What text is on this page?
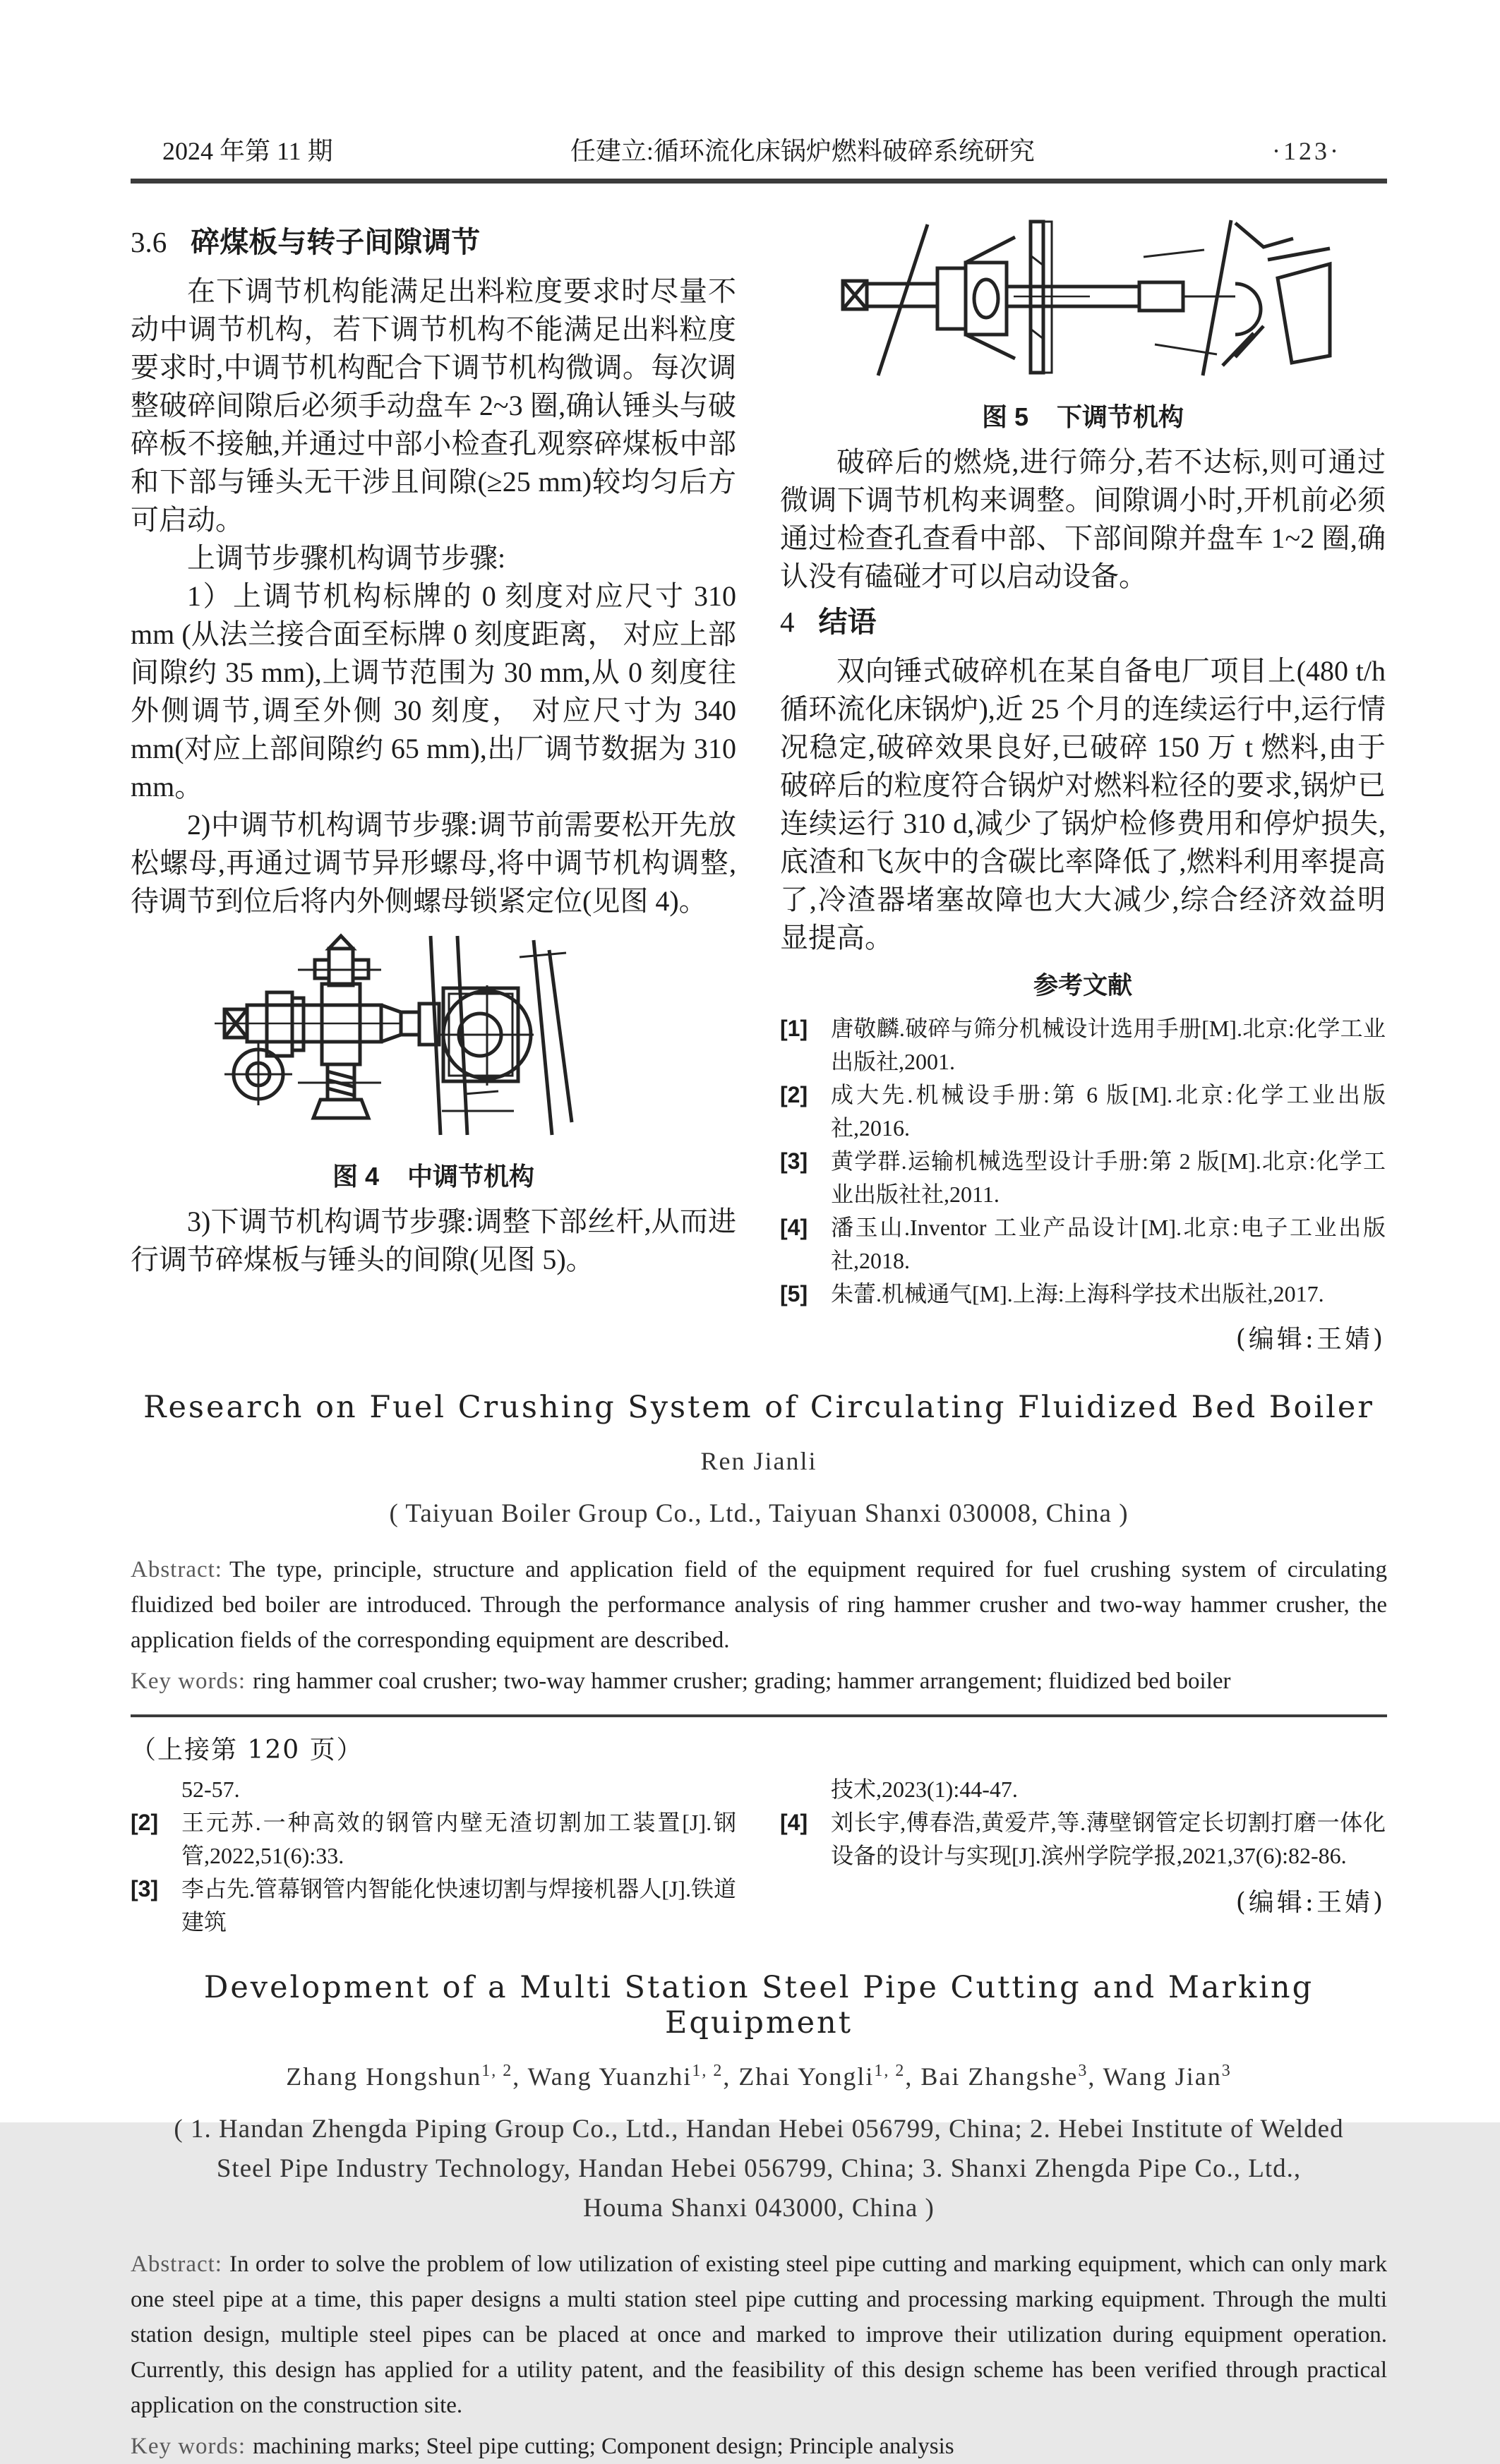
2024 年第 11 期	任建立:循环流化床锅炉燃料破碎系统研究	·123·
3.6 碎煤板与转子间隙调节

在下调节机构能满足出料粒度要求时尽量不动中调节机构，若下调节机构不能满足出料粒度要求时,中调节机构配合下调节机构微调。每次调整破碎间隙后必须手动盘车 2~3 圈,确认锤头与破碎板不接触,并通过中部小检查孔观察碎煤板中部和下部与锤头无干涉且间隙(≥25 mm)较均匀后方可启动。

上调节步骤机构调节步骤:

1）上调节机构标牌的 0 刻度对应尺寸 310 mm (从法兰接合面至标牌 0 刻度距离， 对应上部间隙约 35 mm),上调节范围为 30 mm,从 0 刻度往外侧调节,调至外侧 30 刻度， 对应尺寸为 340 mm(对应上部间隙约 65 mm),出厂调节数据为 310 mm。

2)中调节机构调节步骤:调节前需要松开先放松螺母,再通过调节异形螺母,将中调节机构调整,待调节到位后将内外侧螺母锁紧定位(见图 4)。

图 4 中调节机构

3)下调节机构调节步骤:调整下部丝杆,从而进行调节碎煤板与锤头的间隙(见图 5)。

图 5 下调节机构

破碎后的燃烧,进行筛分,若不达标,则可通过微调下调节机构来调整。间隙调小时,开机前必须通过检查孔查看中部、下部间隙并盘车 1~2 圈,确认没有磕碰才可以启动设备。

4 结语

双向锤式破碎机在某自备电厂项目上(480 t/h 循环流化床锅炉),近 25 个月的连续运行中,运行情况稳定,破碎效果良好,已破碎 150 万 t 燃料,由于破碎后的粒度符合锅炉对燃料粒径的要求,锅炉已连续运行 310 d,减少了锅炉检修费用和停炉损失,底渣和飞灰中的含碳比率降低了,燃料利用率提高了,冷渣器堵塞故障也大大减少,综合经济效益明显提高。

参考文献
[1]	唐敬麟.破碎与筛分机械设计选用手册[M].北京:化学工业出版社,2001.
[2]	成大先.机械设手册:第 6 版[M].北京:化学工业出版社,2016.
[3]	黄学群.运输机械选型设计手册:第 2 版[M].北京:化学工业出版社社,2011.
[4]	潘玉山.Inventor 工业产品设计[M].北京:电子工业出版社,2018.
[5]	朱蕾.机械通气[M].上海:上海科学技术出版社,2017.
(编辑:王婧)
Research on Fuel Crushing System of Circulating Fluidized Bed Boiler
Ren Jianli
( Taiyuan Boiler Group Co., Ltd., Taiyuan Shanxi 030008, China )
Abstract: The type, principle, structure and application field of the equipment required for fuel crushing system of circulating fluidized bed boiler are introduced. Through the performance analysis of ring hammer crusher and two-way hammer crusher, the application fields of the corresponding equipment are described.
Key words: ring hammer coal crusher; two-way hammer crusher; grading; hammer arrangement; fluidized bed boiler
（上接第 120 页）
52-57.
[2]	王元苏.一种高效的钢管内壁无渣切割加工装置[J].钢管,2022,51(6):33.
[3]	李占先.管幕钢管内智能化快速切割与焊接机器人[J].铁道建筑
技术,2023(1):44-47.
[4]	刘长宇,傅春浩,黄爱芹,等.薄壁钢管定长切割打磨一体化设备的设计与实现[J].滨州学院学报,2021,37(6):82-86.
(编辑:王婧)
Development of a Multi Station Steel Pipe Cutting and Marking Equipment
Zhang Hongshun$^{1, 2}$, Wang Yuanzhi$^{1, 2}$, Zhai Yongli$^{1, 2}$, Bai Zhangshe$^3$, Wang Jian$^3$
( 1. Handan Zhengda Piping Group Co., Ltd., Handan Hebei 056799, China; 2. Hebei Institute of Welded Steel Pipe Industry Technology, Handan Hebei 056799, China; 3. Shanxi Zhengda Pipe Co., Ltd., Houma Shanxi 043000, China )
Abstract: In order to solve the problem of low utilization of existing steel pipe cutting and marking equipment, which can only mark one steel pipe at a time, this paper designs a multi station steel pipe cutting and processing marking equipment. Through the multi station design, multiple steel pipes can be placed at once and marked to improve their utilization during equipment operation. Currently, this design has applied for a utility patent, and the feasibility of this design scheme has been verified through practical application on the construction site.
Key words: machining marks; Steel pipe cutting; Component design; Principle analysis
